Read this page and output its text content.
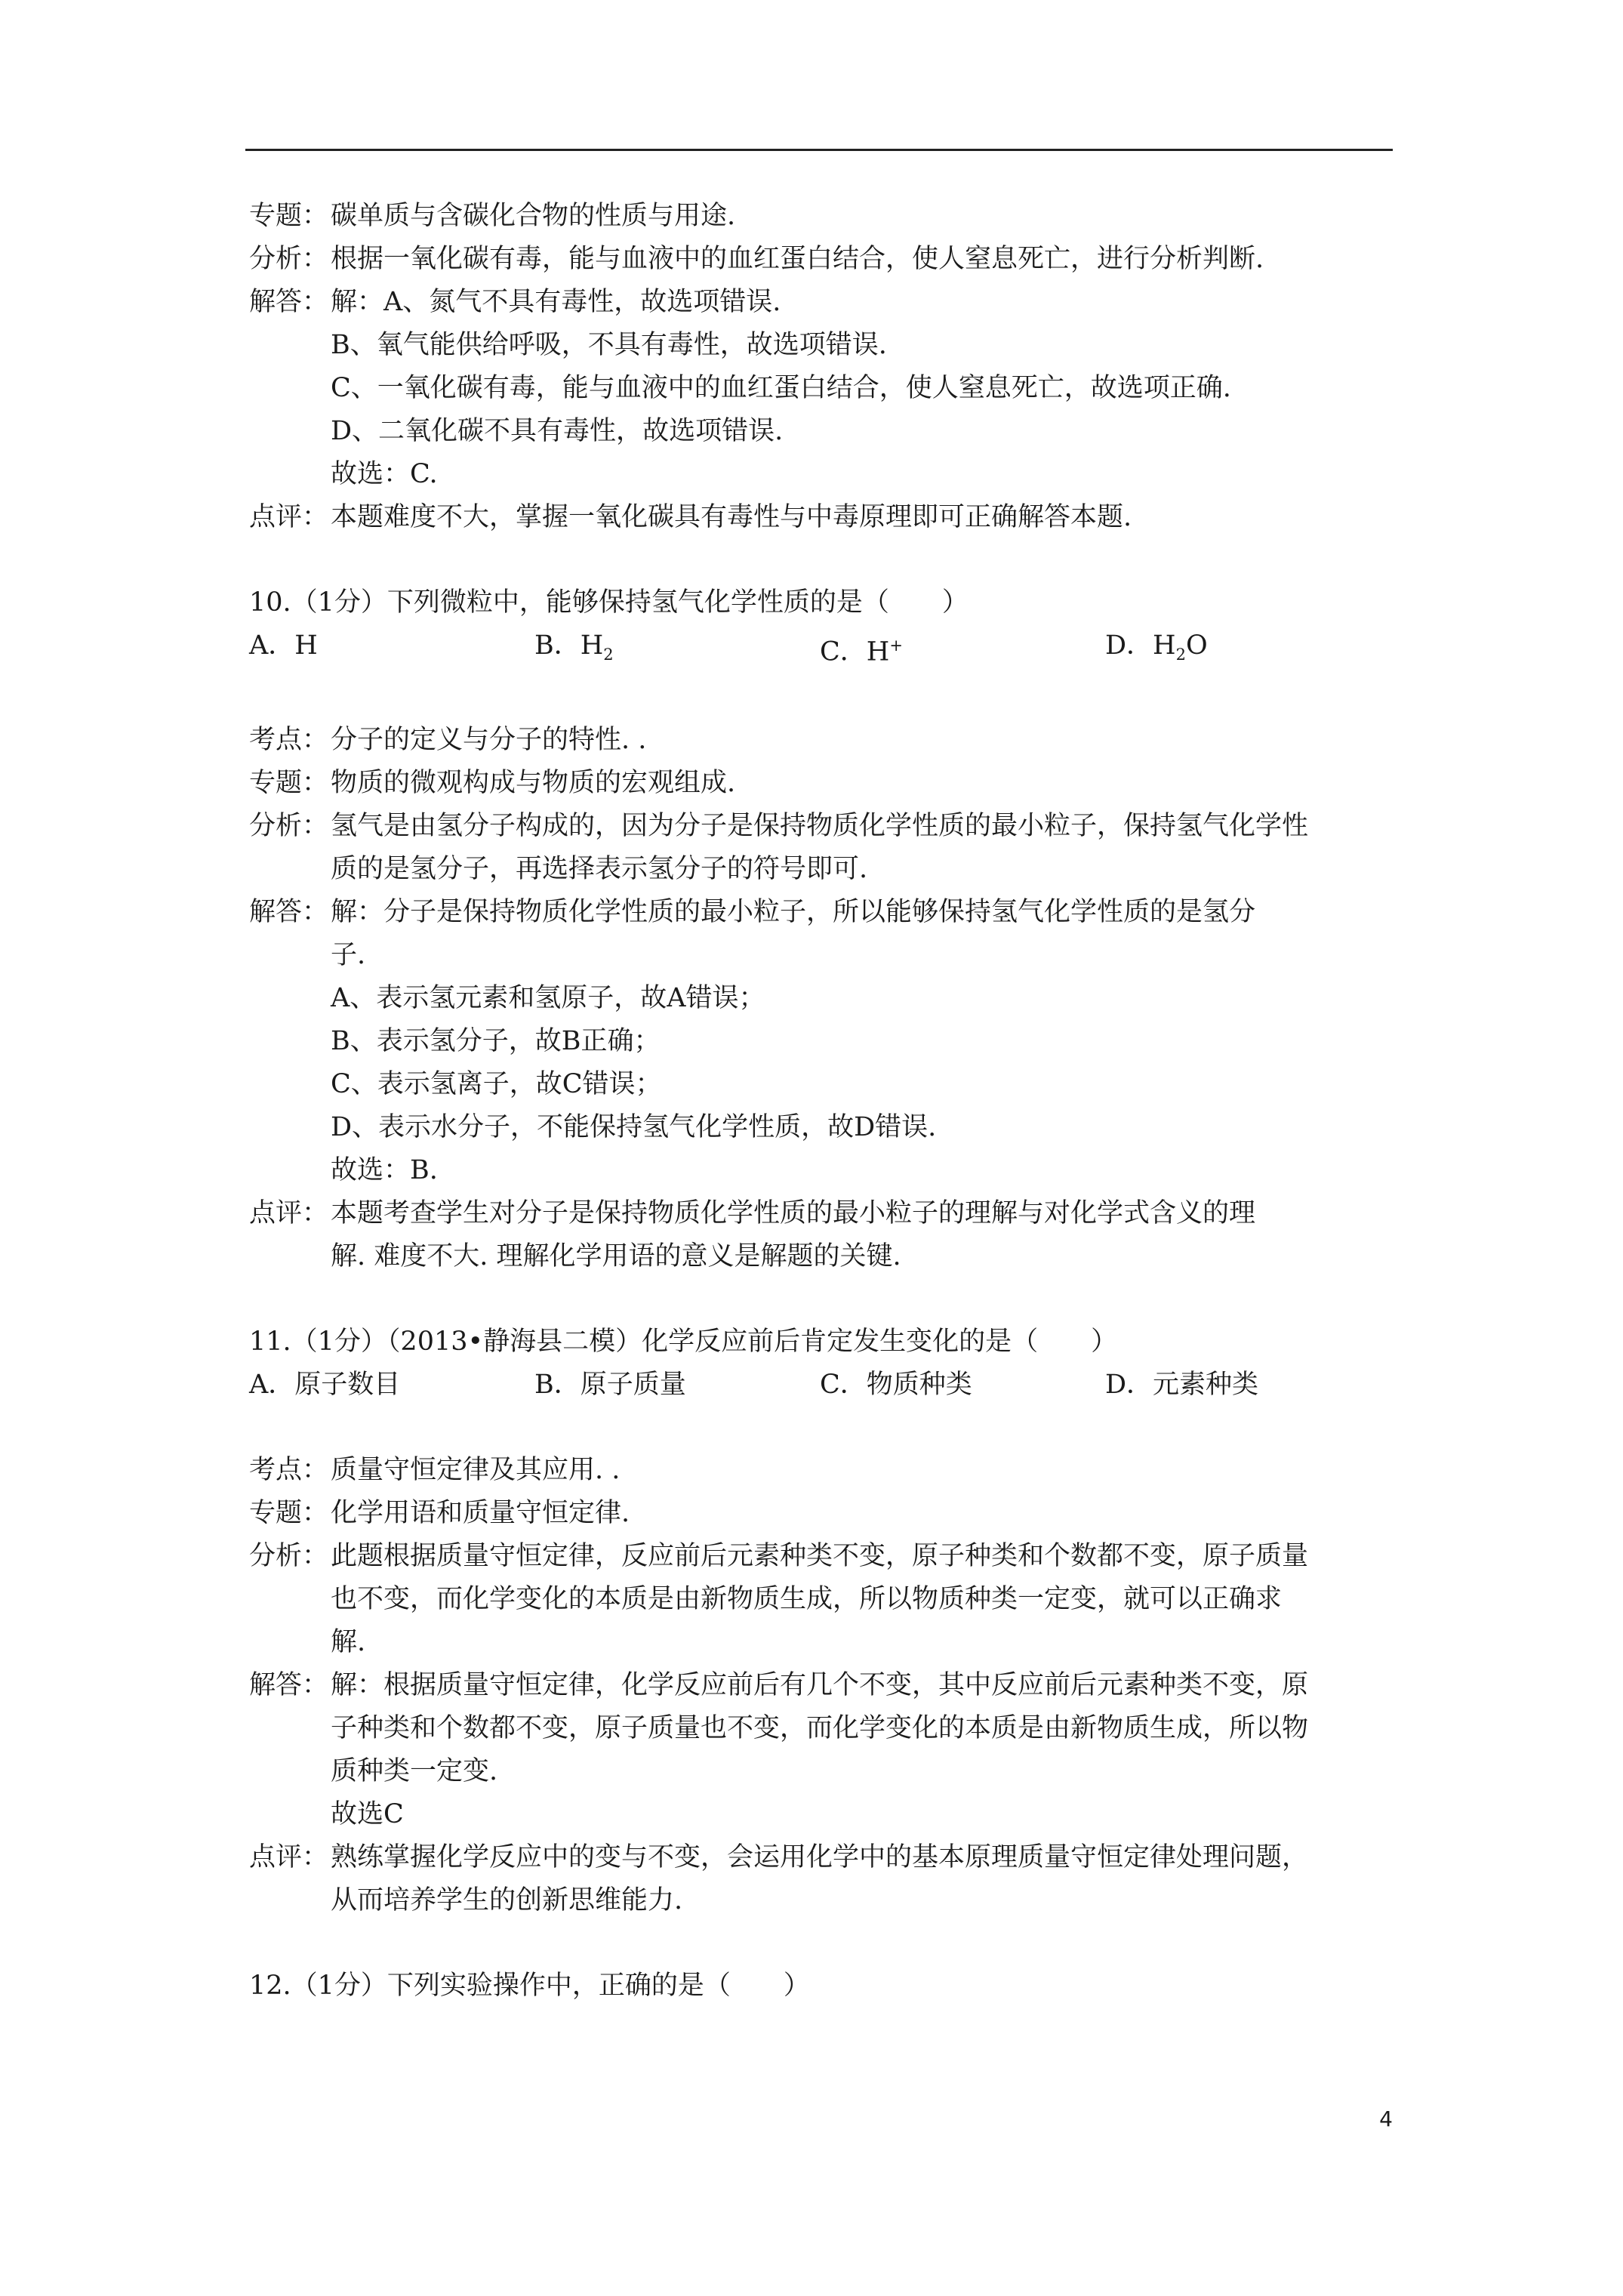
专题： 碳单质与含碳化合物的性质与用途.
分析： 根据一氧化碳有毒，能与血液中的血红蛋白结合，使人窒息死亡，进行分析判断.
解答： 解：A、氮气不具有毒性，故选项错误.
B、氧气能供给呼吸，不具有毒性，故选项错误.
C、一氧化碳有毒，能与血液中的血红蛋白结合，使人窒息死亡，故选项正确.
D、二氧化碳不具有毒性，故选项错误.
故选：C.
点评： 本题难度不大，掌握一氧化碳具有毒性与中毒原理即可正确解答本题.
10.（1分）下列微粒中，能够保持氢气化学性质的是（　　）
A．H	B．$H_2$	C．H+	D．$H_2O$
考点： 分子的定义与分子的特性. .
专题： 物质的微观构成与物质的宏观组成.
分析： 氢气是由氢分子构成的，因为分子是保持物质化学性质的最小粒子，保持氢气化学性
质的是氢分子，再选择表示氢分子的符号即可.
解答： 解：分子是保持物质化学性质的最小粒子，所以能够保持氢气化学性质的是氢分
子.
A、表示氢元素和氢原子，故A错误；
B、表示氢分子，故B正确；
C、表示氢离子，故C错误；
D、表示水分子，不能保持氢气化学性质，故D错误.
故选：B.
点评： 本题考查学生对分子是保持物质化学性质的最小粒子的理解与对化学式含义的理
解. 难度不大. 理解化学用语的意义是解题的关键.
11.（1分）（2013•静海县二模）化学反应前后肯定发生变化的是（　　）
A．原子数目	B．原子质量	C．物质种类	D．元素种类
考点： 质量守恒定律及其应用. .
专题： 化学用语和质量守恒定律.
分析： 此题根据质量守恒定律，反应前后元素种类不变，原子种类和个数都不变，原子质量
也不变，而化学变化的本质是由新物质生成，所以物质种类一定变，就可以正确求
解.
解答： 解：根据质量守恒定律，化学反应前后有几个不变，其中反应前后元素种类不变，原
子种类和个数都不变，原子质量也不变，而化学变化的本质是由新物质生成，所以物
质种类一定变.
故选C
点评： 熟练掌握化学反应中的变与不变，会运用化学中的基本原理质量守恒定律处理问题，
从而培养学生的创新思维能力.
12.（1分）下列实验操作中，正确的是（　　）
4
